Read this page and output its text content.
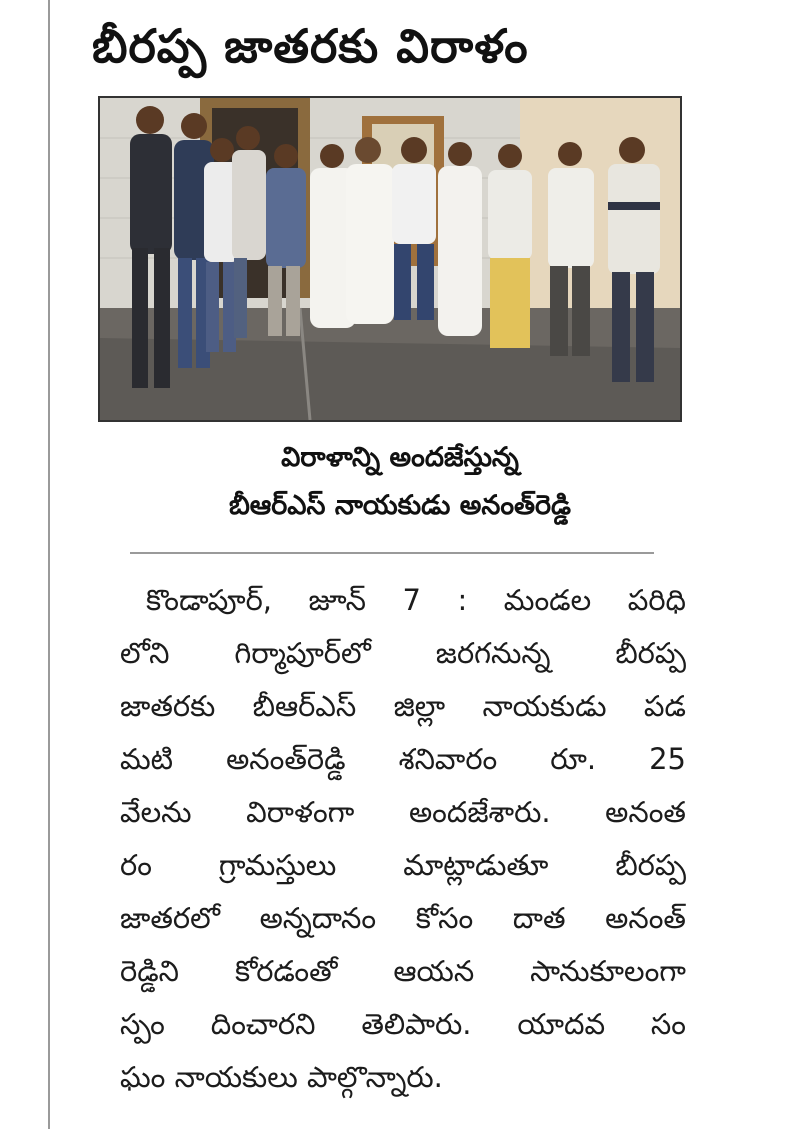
బీరప్ప జాతరకు విరాళం
విరాళాన్ని అందజేస్తున్న
బీఆర్ఎస్ నాయకుడు అనంత్‌రెడ్డి
కొండాపూర్, జూన్ 7 : మండల పరిధి
లోని గిర్మాపూర్‌లో జరగనున్న బీరప్ప
జాతరకు బీఆర్ఎస్ జిల్లా నాయకుడు పడ
మటి అనంత్‌రెడ్డి శనివారం రూ. 25
వేలను విరాళంగా అందజేశారు. అనంత
రం గ్రామస్తులు మాట్లాడుతూ బీరప్ప
జాతరలో అన్నదానం కోసం దాత అనంత్
రెడ్డిని కోరడంతో ఆయన సానుకూలంగా
స్పం దించారని తెలిపారు. యాదవ సం
ఘం నాయకులు పాల్గొన్నారు.
